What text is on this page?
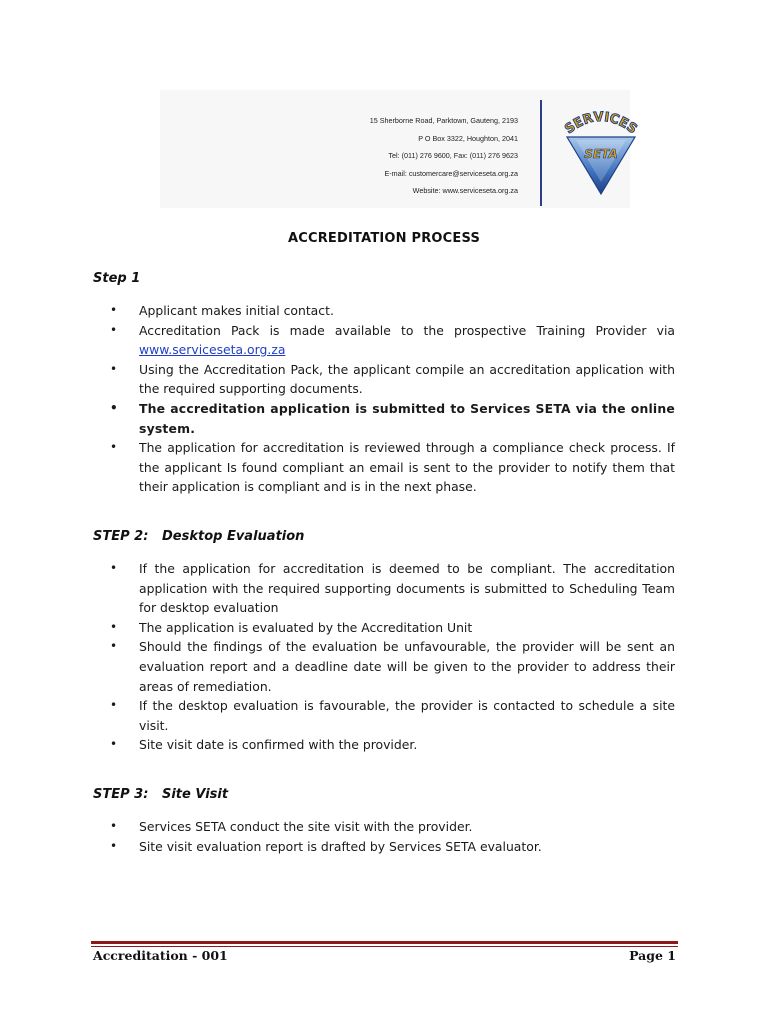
15 Sherborne Road, Parktown, Gauteng, 2193
P O Box 3322, Houghton, 2041
Tel: (011) 276 9600, Fax: (011) 276 9623
E-mail: customercare@serviceseta.org.za
Website: www.serviceseta.org.za
SERVICES
SETA
ACCREDITATION PROCESS
Step 1
• Applicant makes initial contact.
• Accreditation Pack is made available to the prospective Training Provider via www.serviceseta.org.za
• Using the Accreditation Pack, the applicant compile an accreditation application with the required supporting documents.
• The accreditation application is submitted to Services SETA via the online system.
• The application for accreditation is reviewed through a compliance check process. If the applicant Is found compliant an email is sent to the provider to notify them that their application is compliant and is in the next phase.
STEP 2:   Desktop Evaluation
• If the application for accreditation is deemed to be compliant. The accreditation application with the required supporting documents is submitted to Scheduling Team for desktop evaluation
• The application is evaluated by the Accreditation Unit
• Should the findings of the evaluation be unfavourable, the provider will be sent an evaluation report and a deadline date will be given to the provider to address their areas of remediation.
• If the desktop evaluation is favourable, the provider is contacted to schedule a site visit.
• Site visit date is confirmed with the provider.
STEP 3:   Site Visit
• Services SETA conduct the site visit with the provider.
• Site visit evaluation report is drafted by Services SETA evaluator.
Accreditation - 001	Page 1
